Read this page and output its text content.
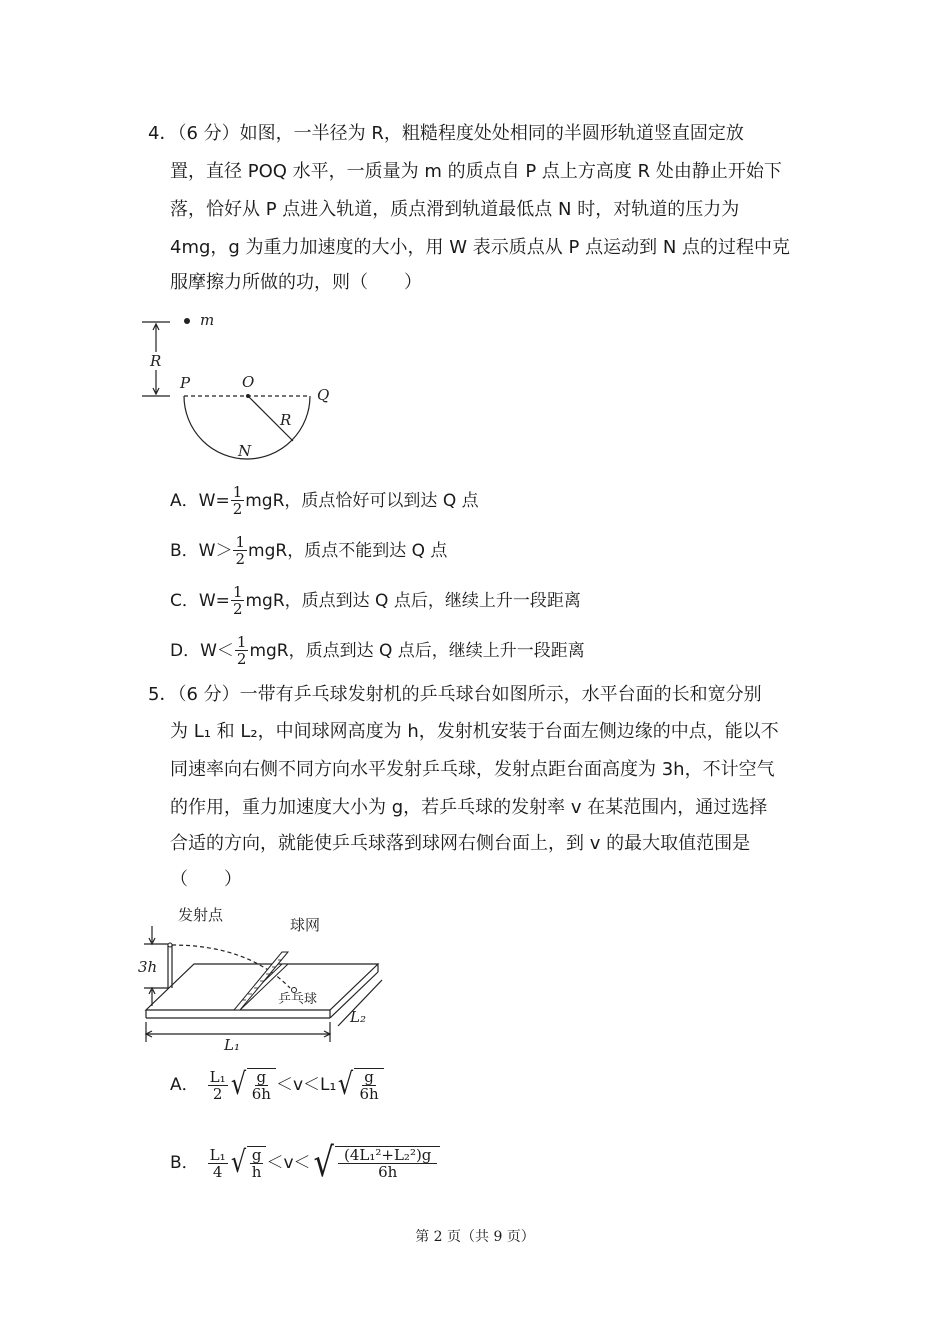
4．（6 分）如图，一半径为 R，粗糙程度处处相同的半圆形轨道竖直固定放
置，直径 POQ 水平，一质量为 m 的质点自 P 点上方高度 R 处由静止开始下
落，恰好从 P 点进入轨道，质点滑到轨道最低点 N 时，对轨道的压力为
4mg，g 为重力加速度的大小，用 W 表示质点从 P 点运动到 N 点的过程中克
服摩擦力所做的功，则（　　）
m
R
P	O
Q
R
N
A． $W= \frac{1}{2}$ mgR，质点恰好可以到达 Q 点
B． $W> \frac{1}{2}$ mgR，质点不能到达 Q 点
C． $W= \frac{1}{2}$ mgR，质点到达 Q 点后，继续上升一段距离
D． $W< \frac{1}{2}$ mgR，质点到达 Q 点后，继续上升一段距离
5．（6 分）一带有乒乓球发射机的乒乓球台如图所示，水平台面的长和宽分别
为 L₁ 和 L₂，中间球网高度为 h，发射机安装于台面左侧边缘的中点，能以不
同速率向右侧不同方向水平发射乒乓球，发射点距台面高度为 3h，不计空气
的作用，重力加速度大小为 g，若乒乓球的发射率 v 在某范围内，通过选择
合适的方向，就能使乒乓球落到球网右侧台面上，到 v 的最大取值范围是
（　　）
发射点
球网
乒乓球
3h
L₁
L₂
A． $\frac{\text{L₁}}{2}$ √ $\frac{g}{6h} <v<L_1$ √ $\frac{g}{6h}$
B． $\frac{\text{L₁}}{4}$ √ $\frac{g}{h} <v<$ √ $\frac{\text{(4L₁²+L₂²)g}}{6h}$
第 2 页（共 9 页）
